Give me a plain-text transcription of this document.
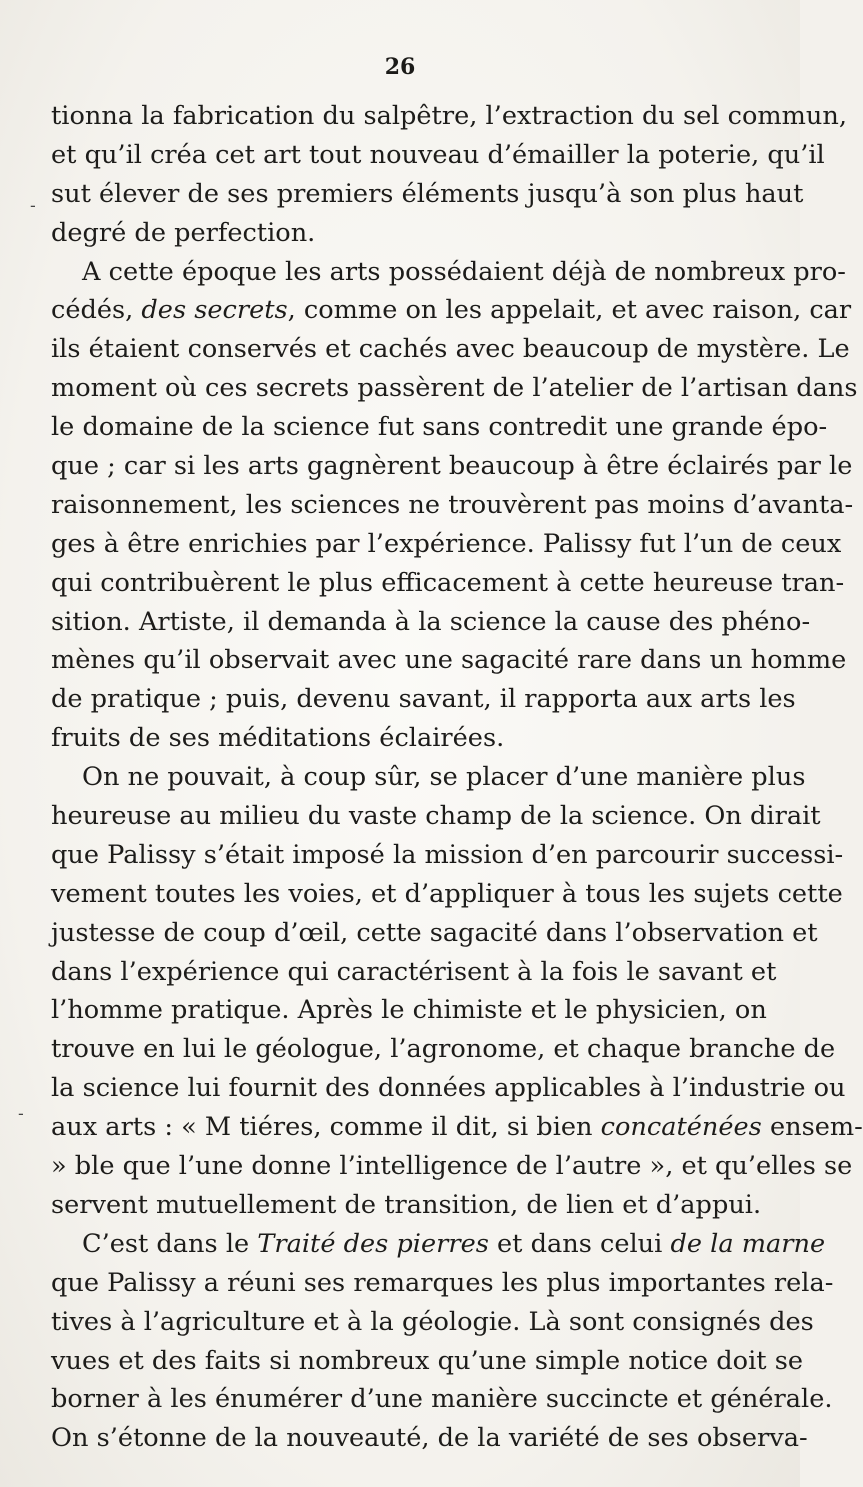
26
tionna la fabrication du salpêtre, l’extraction du sel commun,
et qu’il créa cet art tout nouveau d’émailler la poterie, qu’il
sut élever de ses premiers éléments jusqu’à son plus haut
degré de perfection.
A cette époque les arts possédaient déjà de nombreux pro-
cédés, des secrets, comme on les appelait, et avec raison, car
ils étaient conservés et cachés avec beaucoup de mystère. Le
moment où ces secrets passèrent de l’atelier de l’artisan dans
le domaine de la science fut sans contredit une grande épo-
que ; car si les arts gagnèrent beaucoup à être éclairés par le
raisonnement, les sciences ne trouvèrent pas moins d’avanta-
ges à être enrichies par l’expérience. Palissy fut l’un de ceux
qui contribuèrent le plus efficacement à cette heureuse tran-
sition. Artiste, il demanda à la science la cause des phéno-
mènes qu’il observait avec une sagacité rare dans un homme
de pratique ; puis, devenu savant, il rapporta aux arts les
fruits de ses méditations éclairées.
On ne pouvait, à coup sûr, se placer d’une manière plus
heureuse au milieu du vaste champ de la science. On dirait
que Palissy s’était imposé la mission d’en parcourir successi-
vement toutes les voies, et d’appliquer à tous les sujets cette
justesse de coup d’œil, cette sagacité dans l’observation et
dans l’expérience qui caractérisent à la fois le savant et
l’homme pratique. Après le chimiste et le physicien, on
trouve en lui le géologue, l’agronome, et chaque branche de
la science lui fournit des données applicables à l’industrie ou
aux arts : « M tiéres, comme il dit, si bien concaténées ensem-
» ble que l’une donne l’intelligence de l’autre », et qu’elles se
servent mutuellement de transition, de lien et d’appui.
C’est dans le Traité des pierres et dans celui de la marne
que Palissy a réuni ses remarques les plus importantes rela-
tives à l’agriculture et à la géologie. Là sont consignés des
vues et des faits si nombreux qu’une simple notice doit se
borner à les énumérer d’une manière succincte et générale.
On s’étonne de la nouveauté, de la variété de ses observa-
-
-
